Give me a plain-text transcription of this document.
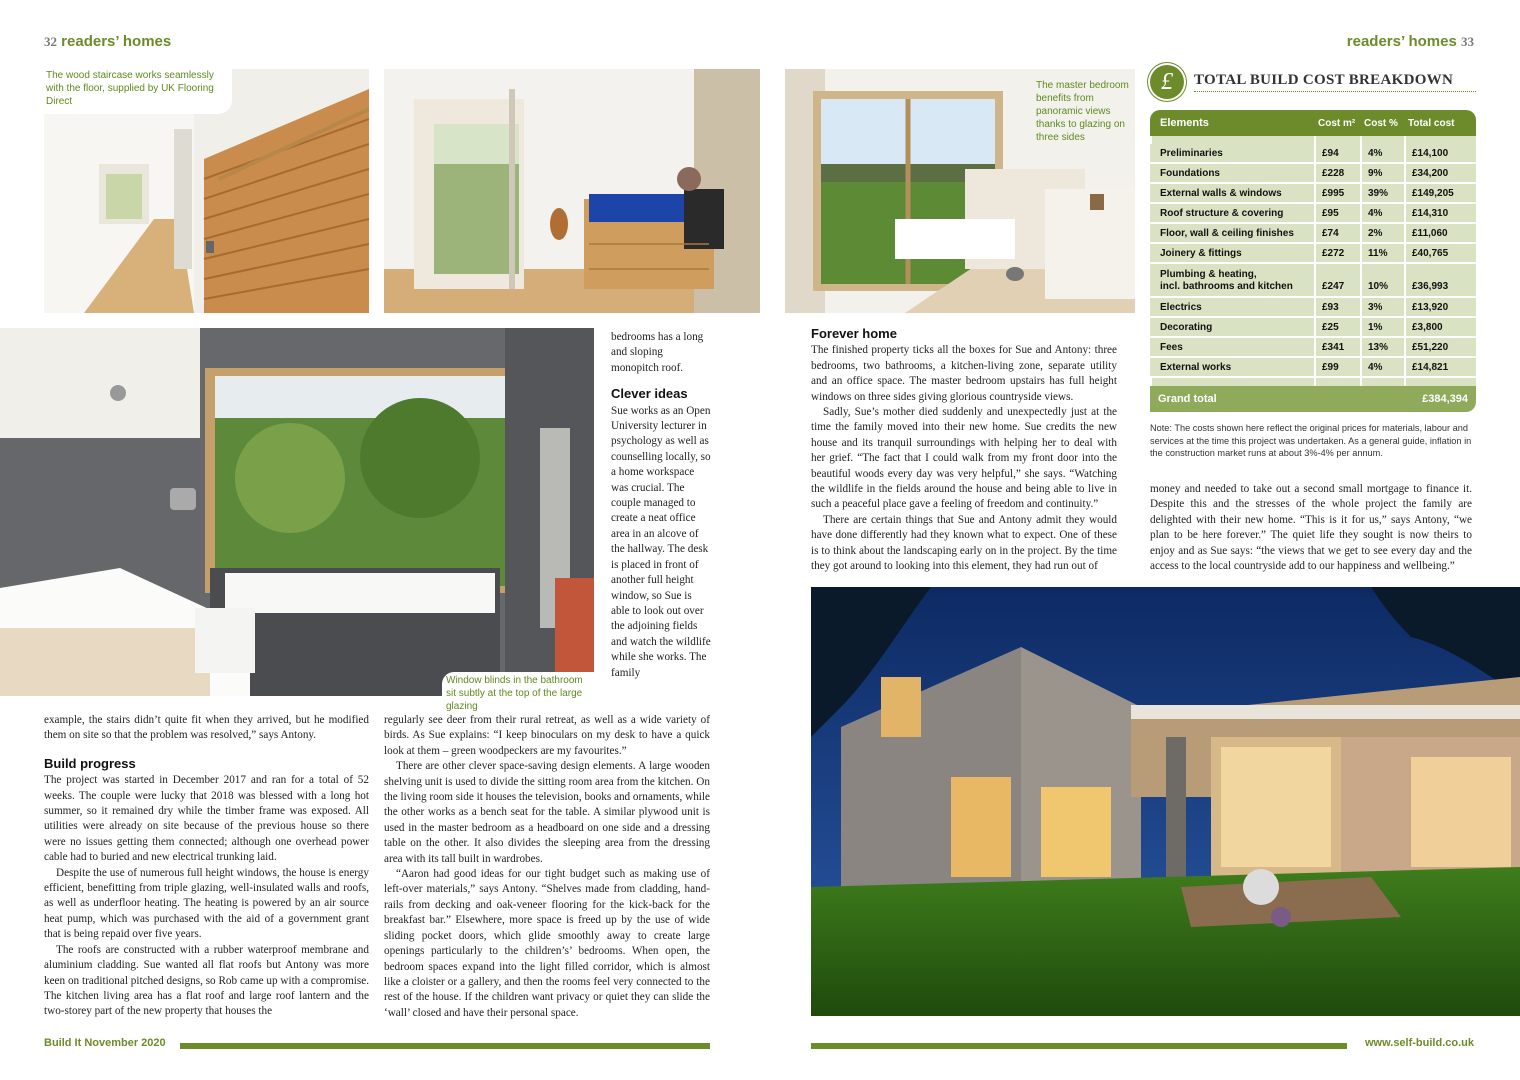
32 readers’ homes	readers’ homes 33
The wood staircase works seamlessly with the floor, supplied by UK Flooring Direct
The master bedroom benefits from panoramic views thanks to glazing on three sides
Window blinds in the bathroom sit subtly at the top of the large glazing

bedrooms has a long and sloping monopitch roof.

Clever ideas

Sue works as an Open University lecturer in psychology as well as counselling locally, so a home workspace was crucial. The couple managed to create a neat office area in an alcove of the hallway. The desk is placed in front of another full height window, so Sue is able to look out over the adjoining fields and watch the wildlife while she works. The family

example, the stairs didn’t quite fit when they arrived, but he modified them on site so that the problem was resolved,” says Antony.

Build progress

The project was started in December 2017 and ran for a total of 52 weeks. The couple were lucky that 2018 was blessed with a long hot summer, so it remained dry while the timber frame was exposed. All utilities were already on site because of the previous house so there were no issues getting them connected; although one overhead power cable had to buried and new electrical trunking laid.

Despite the use of numerous full height windows, the house is energy efficient, benefitting from triple glazing, well-insulated walls and roofs, as well as underfloor heating. The heating is powered by an air source heat pump, which was purchased with the aid of a government grant that is being repaid over five years.

The roofs are constructed with a rubber waterproof membrane and aluminium cladding. Sue wanted all flat roofs but Antony was more keen on traditional pitched designs, so Rob came up with a compromise. The kitchen living area has a flat roof and large roof lantern and the two-storey part of the new property that houses the

regularly see deer from their rural retreat, as well as a wide variety of birds. As Sue explains: “I keep binoculars on my desk to have a quick look at them – green woodpeckers are my favourites.”

There are other clever space-saving design elements. A large wooden shelving unit is used to divide the sitting room area from the kitchen. On the living room side it houses the television, books and ornaments, while the other works as a bench seat for the table. A similar plywood unit is used in the master bedroom as a headboard on one side and a dressing table on the other. It also divides the sleeping area from the dressing area with its tall built in wardrobes.

“Aaron had good ideas for our tight budget such as making use of left-over materials,” says Antony. “Shelves made from cladding, hand-rails from decking and oak-veneer flooring for the kick-back for the breakfast bar.” Elsewhere, more space is freed up by the use of wide sliding pocket doors, which glide smoothly away to create large openings particularly to the children’s’ bedrooms. When open, the bedroom spaces expand into the light filled corridor, which is almost like a cloister or a gallery, and then the rooms feel very connected to the rest of the house. If the children want privacy or quiet they can slide the ‘wall’ closed and have their personal space.

Forever home

The finished property ticks all the boxes for Sue and Antony: three bedrooms, two bathrooms, a kitchen-living zone, separate utility and an office space. The master bedroom upstairs has full height windows on three sides giving glorious countryside views.

Sadly, Sue’s mother died suddenly and unexpectedly just at the time the family moved into their new home. Sue credits the new house and its tranquil surroundings with helping her to deal with her grief. “The fact that I could walk from my front door into the beautiful woods every day was very helpful,” she says. “Watching the wildlife in the fields around the house and being able to live in such a peaceful place gave a feeling of freedom and continuity.”

There are certain things that Sue and Antony admit they would have done differently had they known what to expect. One of these is to think about the landscaping early on in the project. By the time they got around to looking into this element, they had run out of

money and needed to take out a second small mortgage to finance it. Despite this and the stresses of the whole project the family are delighted with their new home. “This is it for us,” says Antony, “we plan to be here forever.” The quiet life they sought is now theirs to enjoy and as Sue says: “the views that we get to see every day and the access to the local countryside add to our happiness and wellbeing.”

£	TOTAL BUILD COST BREAKDOWN
Elements	Cost m²	Cost %	Total cost

Preliminaries	£94	4%	£14,100
Foundations	£228	9%	£34,200
External walls & windows	£995	39%	£149,205
Roof structure & covering	£95	4%	£14,310
Floor, wall & ceiling finishes	£74	2%	£11,060
Joinery & fittings	£272	11%	£40,765
Plumbing & heating,
incl. bathrooms and kitchen	£247	10%	£36,993
Electrics	£93	3%	£13,920
Decorating	£25	1%	£3,800
Fees	£341	13%	£51,220
External works	£99	4%	£14,821

Grand total	£384,394
Note: The costs shown here reflect the original prices for materials, labour and services at the time this project was undertaken. As a general guide, inflation in the construction market runs at about 3%-4% per annum.
Build It November 2020	www.self-build.co.uk
